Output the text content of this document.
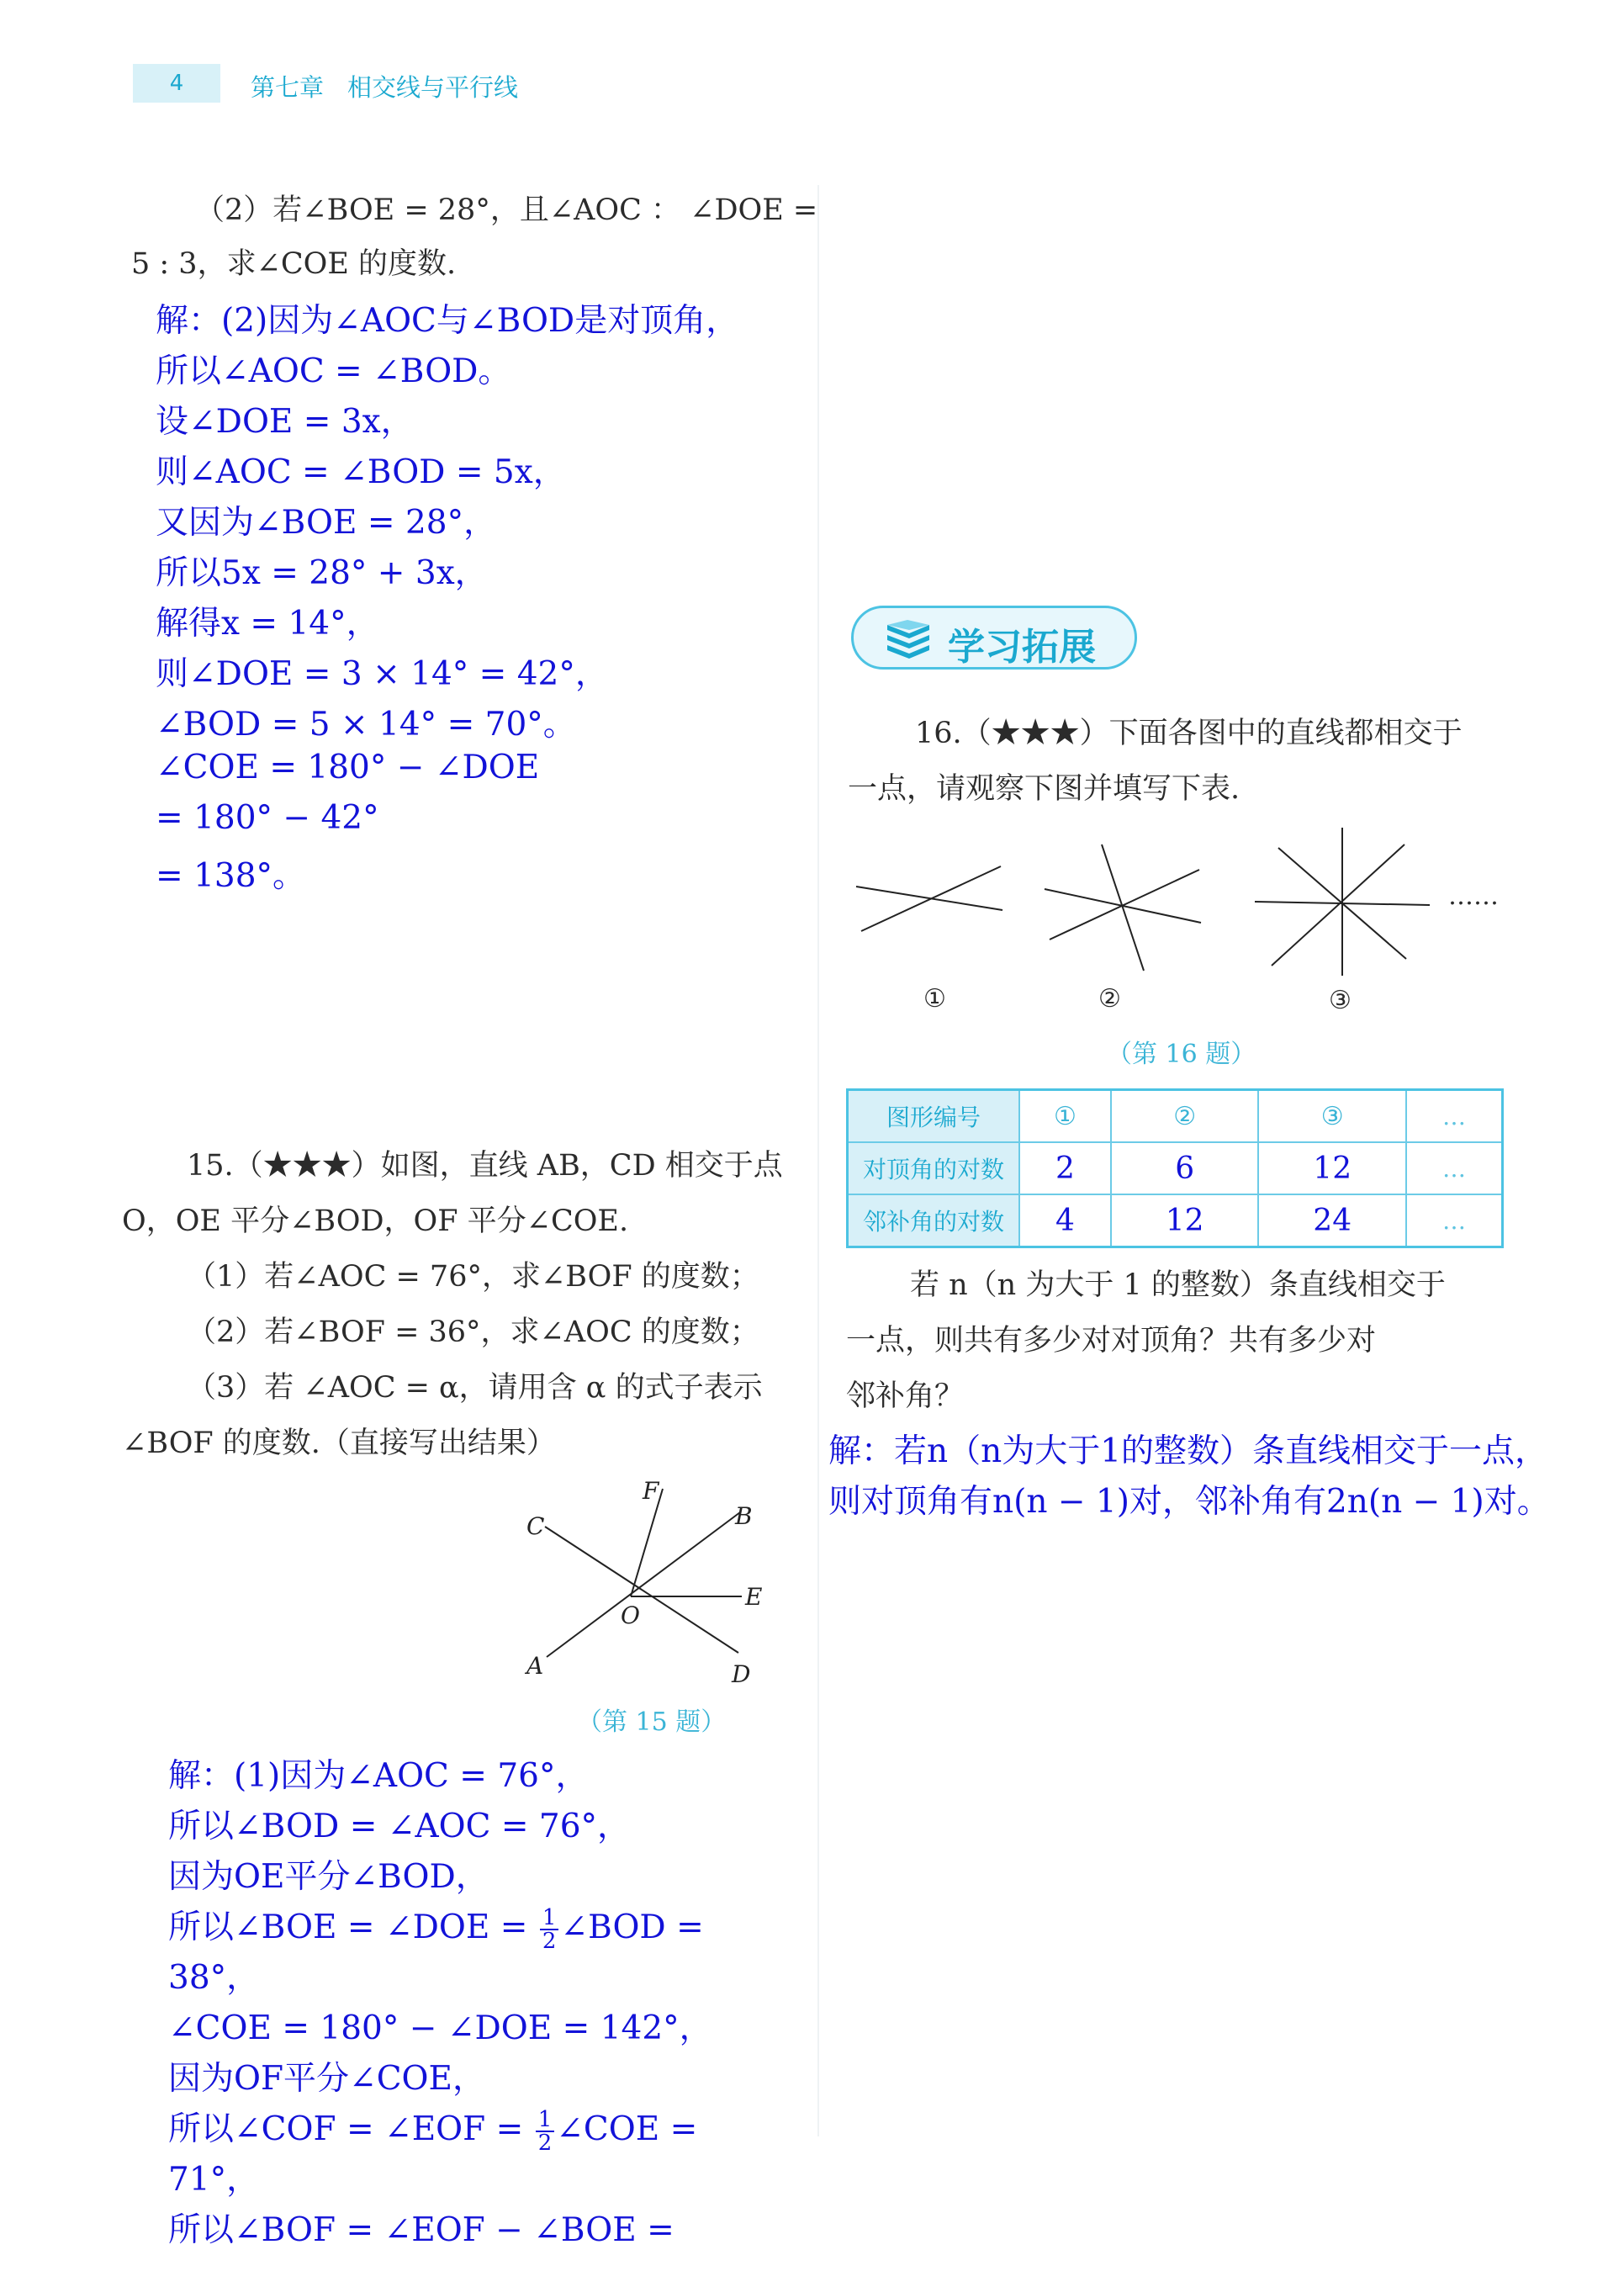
4	第七章 相交线与平行线
（2）若∠BOE = 28°，且∠AOC ： ∠DOE =
5 : 3，求∠COE 的度数.
解：(2)因为∠AOC与∠BOD是对顶角，
所以∠AOC = ∠BOD。
设∠DOE = 3x，
则∠AOC = ∠BOD = 5x，
又因为∠BOE = 28°，
所以5x = 28° + 3x，
解得x = 14°，
则∠DOE = 3 × 14° = 42°，
∠BOD = 5 × 14° = 70°。
∠COE = 180° − ∠DOE
= 180° − 42°
= 138°。
15.（★★★）如图，直线 AB，CD 相交于点
O，OE 平分∠BOD，OF 平分∠COE.
（1）若∠AOC = 76°，求∠BOF 的度数；
（2）若∠BOF = 36°，求∠AOC 的度数；
（3）若 ∠AOC = α，请用含 α 的式子表示
∠BOF 的度数.（直接写出结果）
C
F
B
E
O
A	D
（第 15 题）
解：(1)因为∠AOC = 76°，
所以∠BOD = ∠AOC = 76°，
因为OE平分∠BOD，
所以∠BOE = ∠DOE = $\frac{1}{2}$ ∠BOD =
38°，
∠COE = 180° − ∠DOE = 142°，
因为OF平分∠COE，
所以∠COF = ∠EOF = $\frac{1}{2}$ ∠COE =
71°，
所以∠BOF = ∠EOF − ∠BOE =
学习拓展
16.（★★★）下面各图中的直线都相交于
一点，请观察下图并填写下表.
……
①	②	③
（第 16 题）
图形编号	①	②	③	…
对顶角的对数	2	6	12	…
邻补角的对数	4	12	24	…
若 n（n 为大于 1 的整数）条直线相交于
一点，则共有多少对对顶角？共有多少对
邻补角？
解：若n（n为大于1的整数）条直线相交于一点，
则对顶角有n(n − 1)对，邻补角有2n(n − 1)对。
